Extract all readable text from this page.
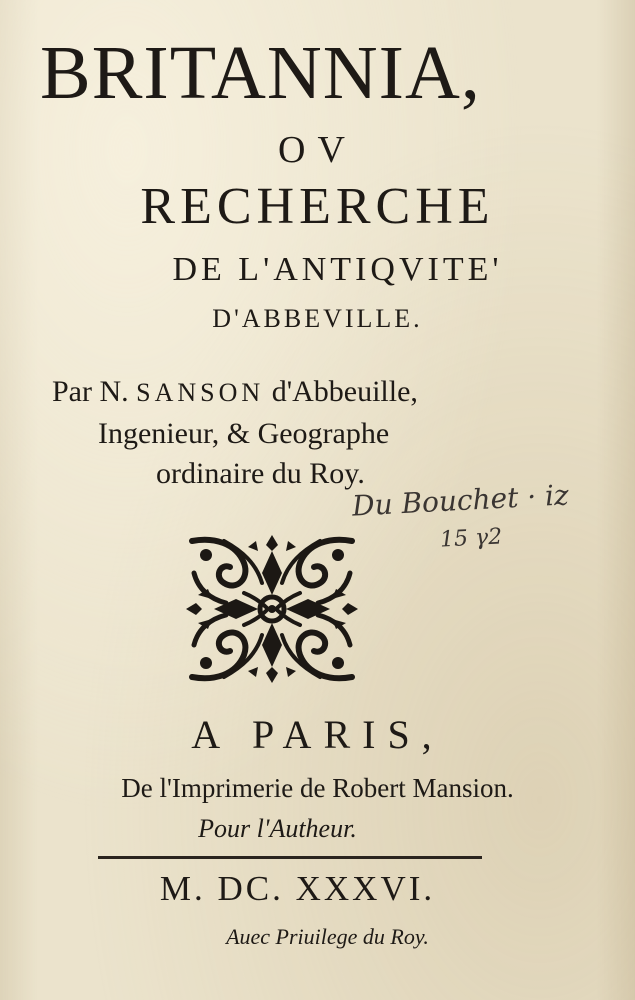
BRITANNIA,
OV
RECHERCHE
DE L'ANTIQVITE'
D'ABBEVILLE.
Par N. SANSON d'Abbeuille,
Ingenieur, & Geographe
ordinaire du Roy.
Du Bouchet · iz
15 γ2
A PARIS,
De l'Imprimerie de Robert Mansion.
Pour l'Autheur.
M. DC. XXXVI.
Auec Priuilege du Roy.
